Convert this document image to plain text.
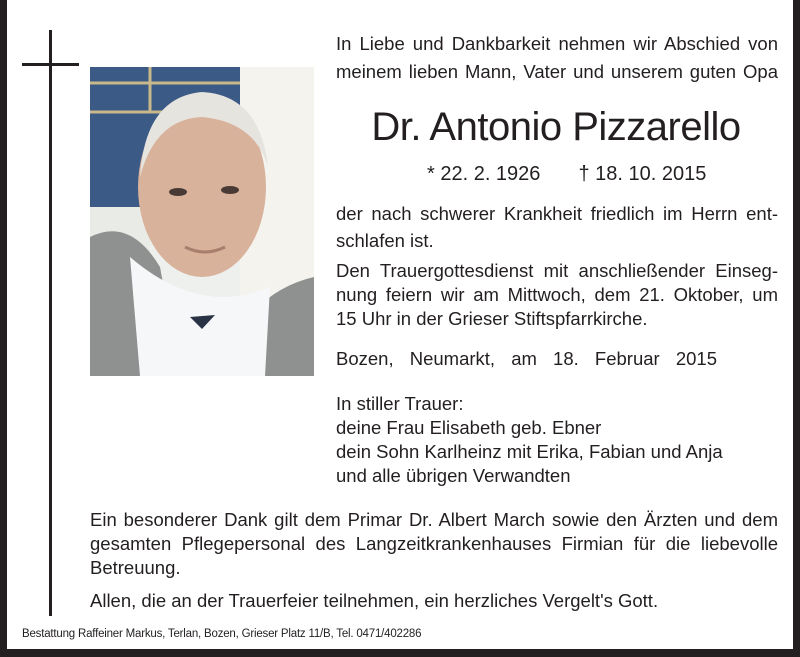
In Liebe und Dankbarkeit nehmen wir Abschied von
meinem lieben Mann, Vater und unserem guten Opa
Dr. Antonio Pizzarello
* 22. 2. 1926 † 18. 10. 2015
der nach schwerer Krankheit friedlich im Herrn ent-
schlafen ist.
Den Trauergottesdienst mit anschließender Einseg-
nung feiern wir am Mittwoch, dem 21. Oktober, um
15 Uhr in der Grieser Stiftspfarrkirche.
Bozen, Neumarkt, am 18. Februar 2015
In stiller Trauer:
deine Frau Elisabeth geb. Ebner
dein Sohn Karlheinz mit Erika, Fabian und Anja
und alle übrigen Verwandten
Ein besonderer Dank gilt dem Primar Dr. Albert March sowie den Ärzten und dem
gesamten Pflegepersonal des Langzeitkrankenhauses Firmian für die liebevolle
Betreuung.
Allen, die an der Trauerfeier teilnehmen, ein herzliches Vergelt's Gott.
Bestattung Raffeiner Markus, Terlan, Bozen, Grieser Platz 11/B, Tel. 0471/402286
